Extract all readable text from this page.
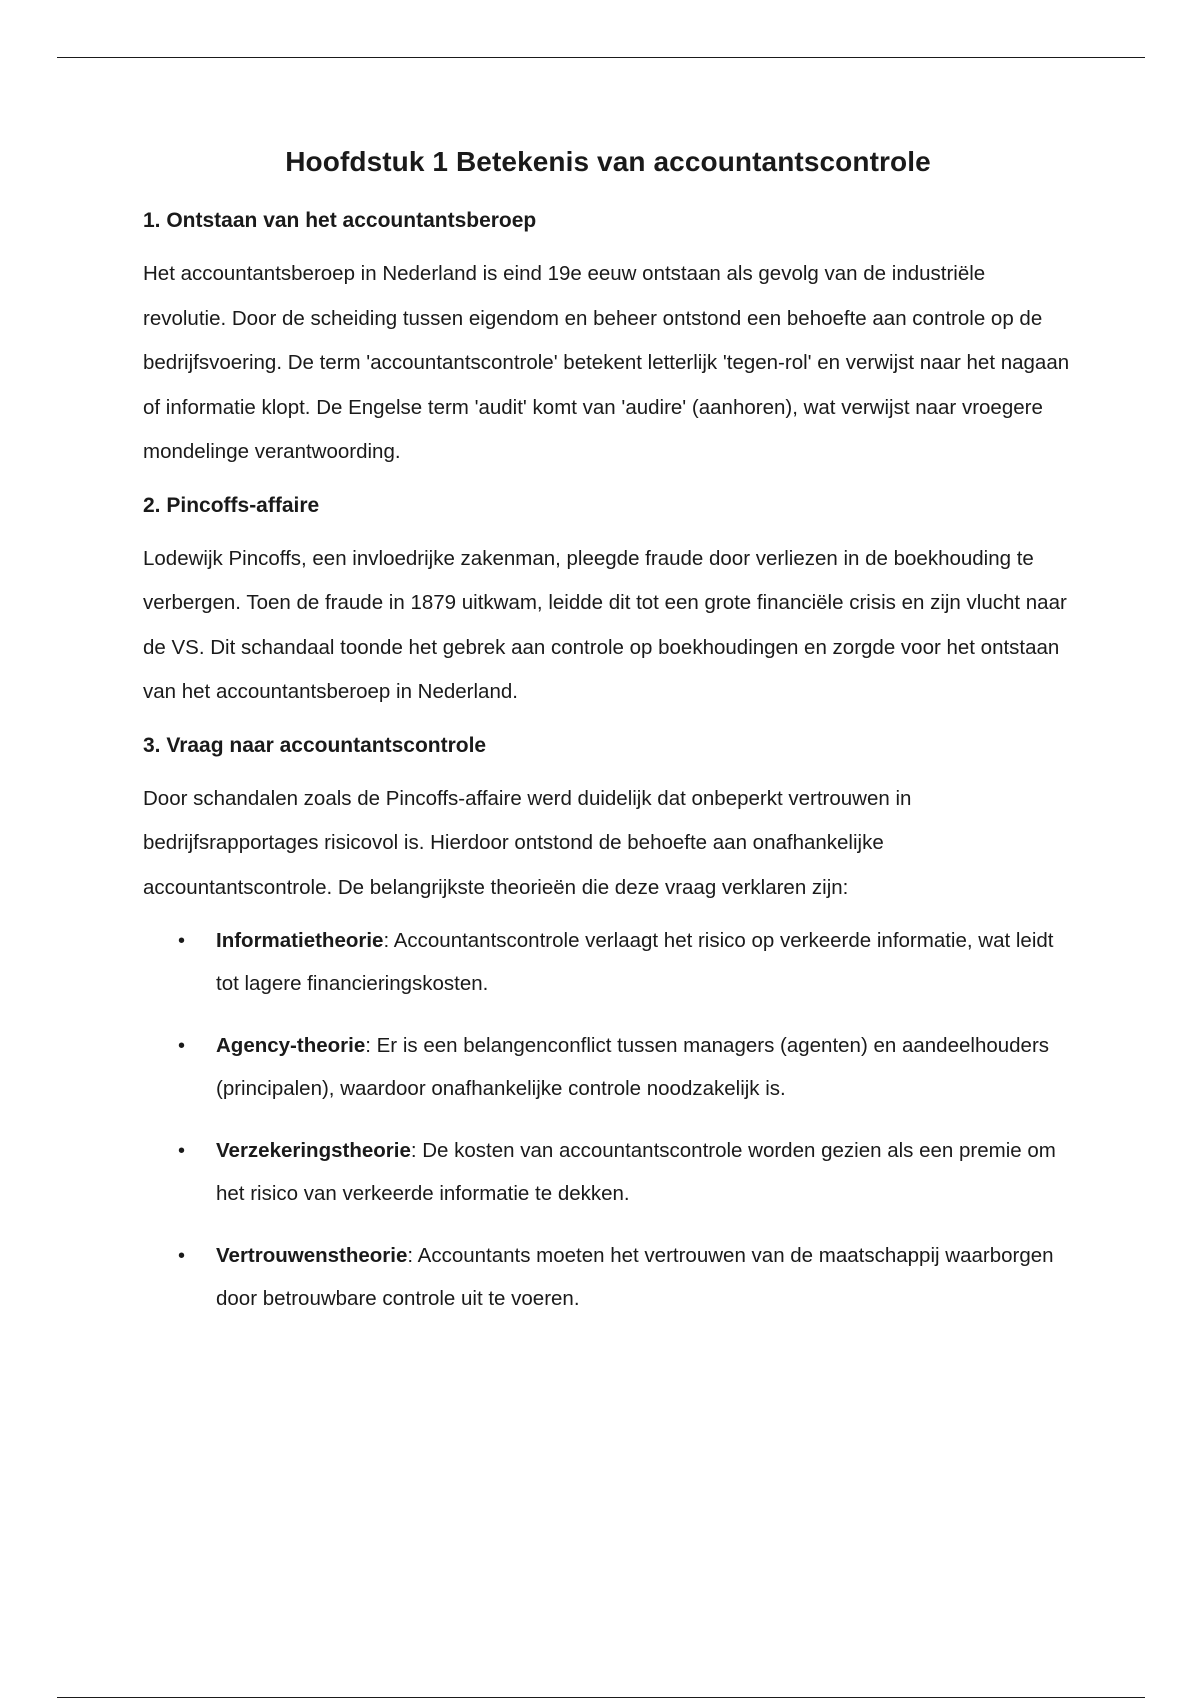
Hoofdstuk 1 Betekenis van accountantscontrole
1. Ontstaan van het accountantsberoep

Het accountantsberoep in Nederland is eind 19e eeuw ontstaan als gevolg van de industriële revolutie. Door de scheiding tussen eigendom en beheer ontstond een behoefte aan controle op de bedrijfsvoering. De term 'accountantscontrole' betekent letterlijk 'tegen-rol' en verwijst naar het nagaan of informatie klopt. De Engelse term 'audit' komt van 'audire' (aanhoren), wat verwijst naar vroegere mondelinge verantwoording.

2. Pincoffs-affaire

Lodewijk Pincoffs, een invloedrijke zakenman, pleegde fraude door verliezen in de boekhouding te verbergen. Toen de fraude in 1879 uitkwam, leidde dit tot een grote financiële crisis en zijn vlucht naar de VS. Dit schandaal toonde het gebrek aan controle op boekhoudingen en zorgde voor het ontstaan van het accountantsberoep in Nederland.

3. Vraag naar accountantscontrole

Door schandalen zoals de Pincoffs-affaire werd duidelijk dat onbeperkt vertrouwen in bedrijfsrapportages risicovol is. Hierdoor ontstond de behoefte aan onafhankelijke accountantscontrole. De belangrijkste theorieën die deze vraag verklaren zijn:

• Informatietheorie: Accountantscontrole verlaagt het risico op verkeerde informatie, wat leidt tot lagere financieringskosten.
• Agency-theorie: Er is een belangenconflict tussen managers (agenten) en aandeelhouders (principalen), waardoor onafhankelijke controle noodzakelijk is.
• Verzekeringstheorie: De kosten van accountantscontrole worden gezien als een premie om het risico van verkeerde informatie te dekken.
• Vertrouwenstheorie: Accountants moeten het vertrouwen van de maatschappij waarborgen door betrouwbare controle uit te voeren.
